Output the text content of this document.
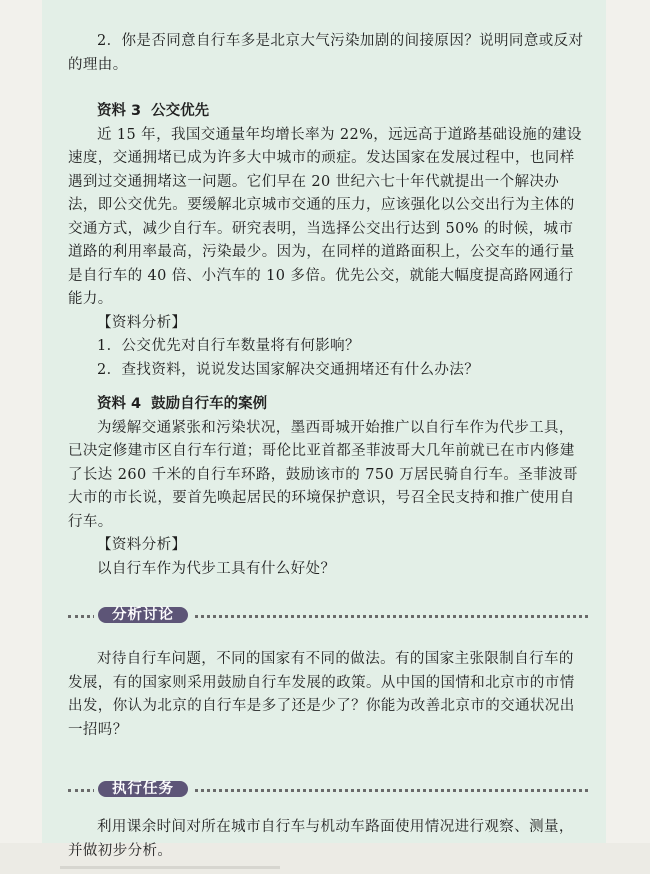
2．你是否同意自行车多是北京大气污染加剧的间接原因？说明同意或反对的理由。

资料 3 公交优先

近 15 年，我国交通量年均增长率为 22%，远远高于道路基础设施的建设速度，交通拥堵已成为许多大中城市的顽症。发达国家在发展过程中，也同样遇到过交通拥堵这一问题。它们早在 20 世纪六七十年代就提出一个解决办法，即公交优先。要缓解北京城市交通的压力，应该强化以公交出行为主体的交通方式，减少自行车。研究表明，当选择公交出行达到 50% 的时候，城市道路的利用率最高，污染最少。因为，在同样的道路面积上，公交车的通行量是自行车的 40 倍、小汽车的 10 多倍。优先公交，就能大幅度提高路网通行能力。

【资料分析】

1．公交优先对自行车数量将有何影响？

2．查找资料，说说发达国家解决交通拥堵还有什么办法？

资料 4 鼓励自行车的案例

为缓解交通紧张和污染状况，墨西哥城开始推广以自行车作为代步工具，已决定修建市区自行车行道；哥伦比亚首都圣菲波哥大几年前就已在市内修建了长达 260 千米的自行车环路，鼓励该市的 750 万居民骑自行车。圣菲波哥大市的市长说，要首先唤起居民的环境保护意识，号召全民支持和推广使用自行车。

【资料分析】

以自行车作为代步工具有什么好处？

分析讨论

对待自行车问题，不同的国家有不同的做法。有的国家主张限制自行车的发展，有的国家则采用鼓励自行车发展的政策。从中国的国情和北京市的市情出发，你认为北京的自行车是多了还是少了？你能为改善北京市的交通状况出一招吗？

执行任务

利用课余时间对所在城市自行车与机动车路面使用情况进行观察、测量，并做初步分析。
